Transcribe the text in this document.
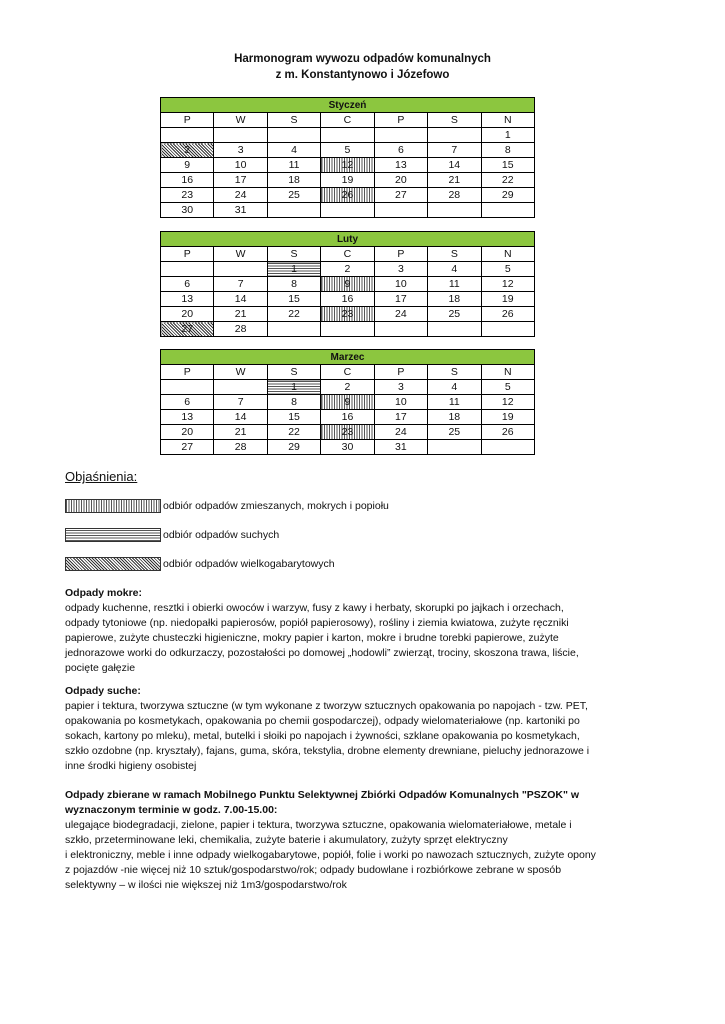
Harmonogram wywozu odpadów komunalnych
z m. Konstantynowo i Józefowo
Styczeń						
P	W	S	C	P	S	N
						1
2	3	4	5	6	7	8
9	10	11	12	13	14	15
16	17	18	19	20	21	22
23	24	25	26	27	28	29
30	31					
Luty						
P	W	S	C	P	S	N
		1	2	3	4	5
6	7	8	9	10	11	12
13	14	15	16	17	18	19
20	21	22	23	24	25	26
27	28					
Marzec						
P	W	S	C	P	S	N
		1	2	3	4	5
6	7	8	9	10	11	12
13	14	15	16	17	18	19
20	21	22	23	24	25	26
27	28	29	30	31		
Objaśnienia:
odbiór odpadów zmieszanych, mokrych i popiołu
odbiór odpadów suchych
odbiór odpadów wielkogabarytowych

Odpady mokre:

odpady kuchenne, resztki i obierki owoców i warzyw, fusy z kawy i herbaty, skorupki po jajkach i orzechach,

odpady tytoniowe (np. niedopałki papierosów, popiół papierosowy), rośliny i ziemia kwiatowa, zużyte ręczniki

papierowe, zużyte chusteczki higieniczne, mokry papier i karton, mokre i brudne torebki papierowe, zużyte

jednorazowe worki do odkurzaczy, pozostałości po domowej „hodowli” zwierząt, trociny, skoszona trawa, liście,

pocięte gałęzie

Odpady suche:

papier i tektura, tworzywa sztuczne (w tym wykonane z tworzyw sztucznych opakowania po napojach - tzw. PET,

opakowania po kosmetykach, opakowania po chemii gospodarczej), odpady wielomateriałowe (np. kartoniki po

sokach, kartony po mleku), metal, butelki i słoiki po napojach i żywności, szklane opakowania po kosmetykach,

szkło ozdobne (np. kryształy), fajans, guma, skóra, tekstylia, drobne elementy drewniane, pieluchy jednorazowe i

inne środki higieny osobistej

Odpady zbierane w ramach Mobilnego Punktu Selektywnej Zbiórki Odpadów Komunalnych "PSZOK" w

wyznaczonym terminie w godz. 7.00-15.00:

ulegające biodegradacji, zielone, papier i tektura, tworzywa sztuczne, opakowania wielomateriałowe, metale i

szkło, przeterminowane leki, chemikalia, zużyte baterie i akumulatory, zużyty sprzęt elektryczny

i elektroniczny, meble i inne odpady wielkogabarytowe, popiół, folie i worki po nawozach sztucznych, zużyte opony

z pojazdów -nie więcej niż 10 sztuk/gospodarstwo/rok; odpady budowlane i rozbiórkowe zebrane w sposób

selektywny – w ilości nie większej niż 1m3/gospodarstwo/rok
